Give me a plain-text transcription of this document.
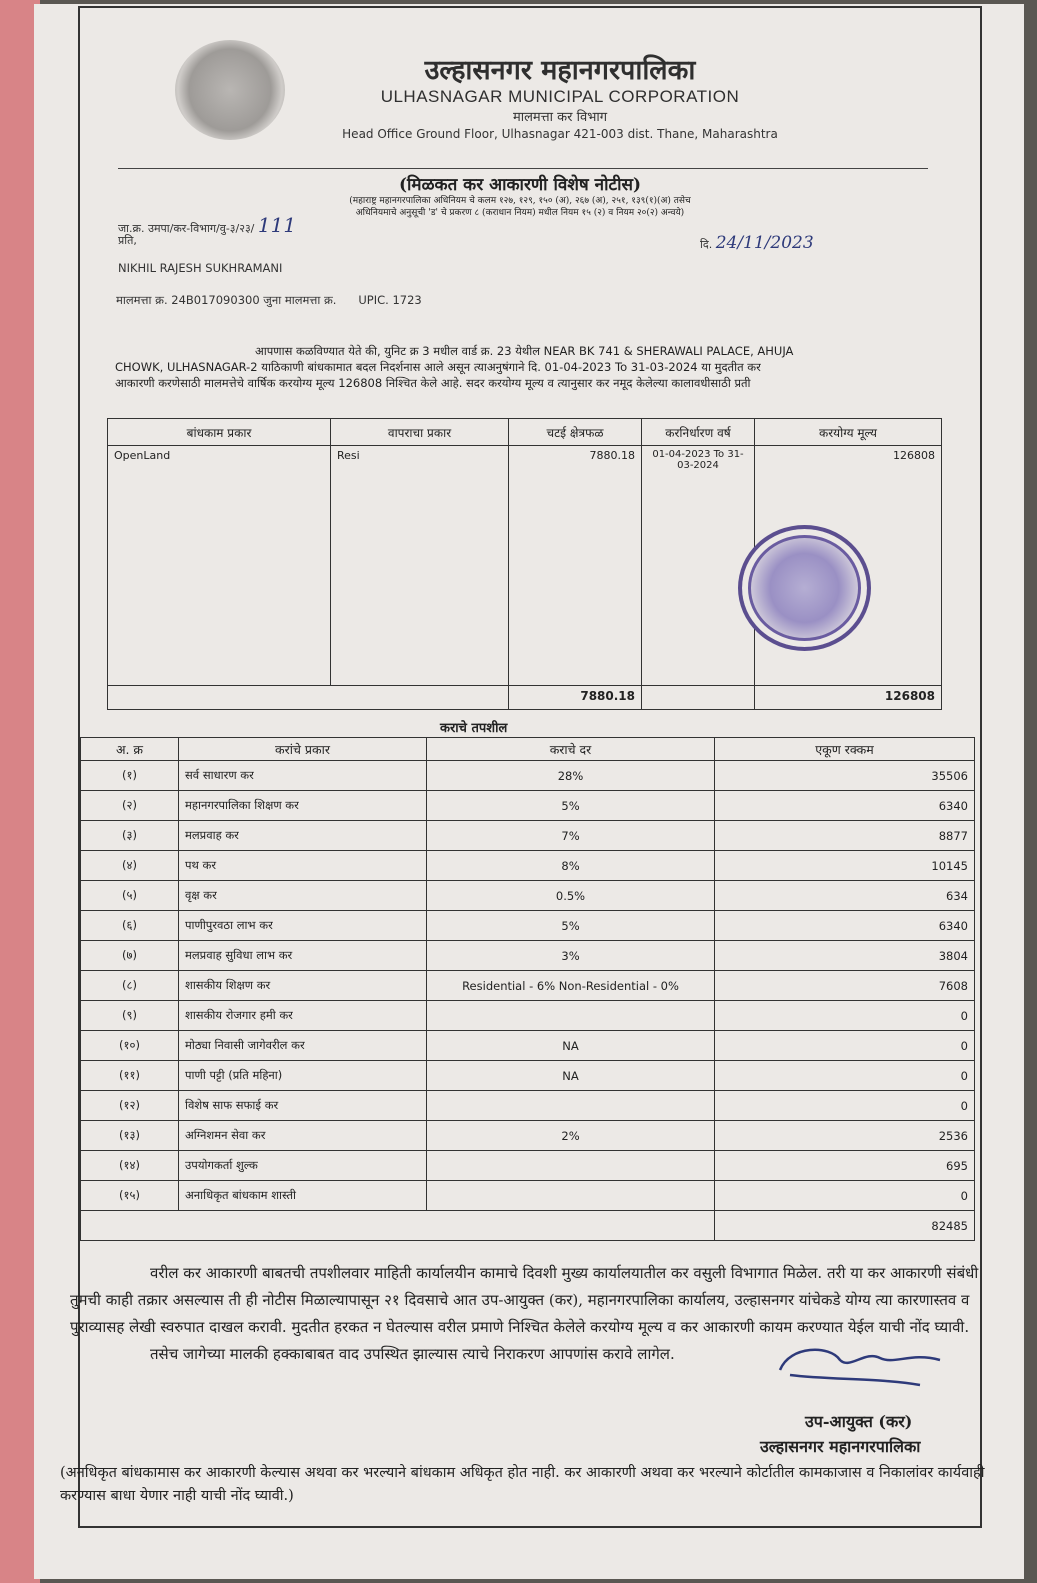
उल्हासनगर महानगरपालिका
ULHASNAGAR MUNICIPAL CORPORATION
मालमत्ता कर विभाग
Head Office Ground Floor, Ulhasnagar 421-003 dist. Thane, Maharashtra
(मिळकत कर आकारणी विशेष नोटीस)
(महाराष्ट्र महानगरपालिका अधिनियम चे कलम १२७, १२९, १५० (अ), २६७ (अ), २५१, १३९(१)(अ) तसेच
अधिनियमाचे अनुसूची 'ड' चे प्रकरण ८ (कराधान नियम) मधील नियम १५ (२) व नियम २०(२) अन्वये)
जा.क्र. उमपा/कर-विभाग/वु-३/२३/ 111
दि. 24/11/2023
प्रति,
NIKHIL RAJESH SUKHRAMANI
मालमत्ता क्र. 24B017090300 जुना मालमत्ता क्र. UPIC. 1723
आपणास कळविण्यात येते की, युनिट क्र 3 मधील वार्ड क्र. 23 येथील NEAR BK 741 & SHERAWALI PALACE, AHUJA
CHOWK, ULHASNAGAR-2 याठिकाणी बांधकामात बदल निदर्शनास आले असून त्याअनुषंगाने दि. 01-04-2023 To 31-03-2024 या मुदतीत कर
आकारणी करणेसाठी मालमत्तेचे वार्षिक करयोग्य मूल्य 126808 निश्चित केले आहे. सदर करयोग्य मूल्य व त्यानुसार कर नमूद केलेल्या कालावधीसाठी प्रती
बांधकाम प्रकार	वापराचा प्रकार	चटई क्षेत्रफळ	करनिर्धारण वर्ष	करयोग्य मूल्य
OpenLand	Resi	7880.18	01-04-2023 To 31-03-2024	126808
		7880.18		126808
कराचे तपशील
अ. क्र	करांचे प्रकार	कराचे दर	एकूण रक्कम
(१)	सर्व साधारण कर	28%	35506
(२)	महानगरपालिका शिक्षण कर	5%	6340
(३)	मलप्रवाह कर	7%	8877
(४)	पथ कर	8%	10145
(५)	वृक्ष कर	0.5%	634
(६)	पाणीपुरवठा लाभ कर	5%	6340
(७)	मलप्रवाह सुविधा लाभ कर	3%	3804
(८)	शासकीय शिक्षण कर	Residential - 6% Non-Residential - 0%	7608
(९)	शासकीय रोजगार हमी कर		0
(१०)	मोठ्या निवासी जागेवरील कर	NA	0
(११)	पाणी पट्टी (प्रति महिना)	NA	0
(१२)	विशेष साफ सफाई कर		0
(१३)	अग्निशमन सेवा कर	2%	2536
(१४)	उपयोगकर्ता शुल्क		695
(१५)	अनाधिकृत बांधकाम शास्ती		0
			82485
वरील कर आकारणी बाबतची तपशीलवार माहिती कार्यालयीन कामाचे दिवशी मुख्य कार्यालयातील कर वसुली विभागात मिळेल. तरी या कर आकारणी संबंधी तुमची काही तक्रार असल्यास ती ही नोटीस मिळाल्यापासून २१ दिवसाचे आत उप-आयुक्त (कर), महानगरपालिका कार्यालय, उल्हासनगर यांचेकडे योग्य त्या कारणास्तव व पुराव्यासह लेखी स्वरुपात दाखल करावी. मुदतीत हरकत न घेतल्यास वरील प्रमाणे निश्चित केलेले करयोग्य मूल्य व कर आकारणी कायम करण्यात येईल याची नोंद घ्यावी.
तसेच जागेच्या मालकी हक्काबाबत वाद उपस्थित झाल्यास त्याचे निराकरण आपणांस करावे लागेल.
उप-आयुक्त (कर)
उल्हासनगर महानगरपालिका
(अनधिकृत बांधकामास कर आकारणी केल्यास अथवा कर भरल्याने बांधकाम अधिकृत होत नाही. कर आकारणी अथवा कर भरल्याने कोर्टातील कामकाजास व निकालांवर कार्यवाही करण्यास बाधा येणार नाही याची नोंद घ्यावी.)
